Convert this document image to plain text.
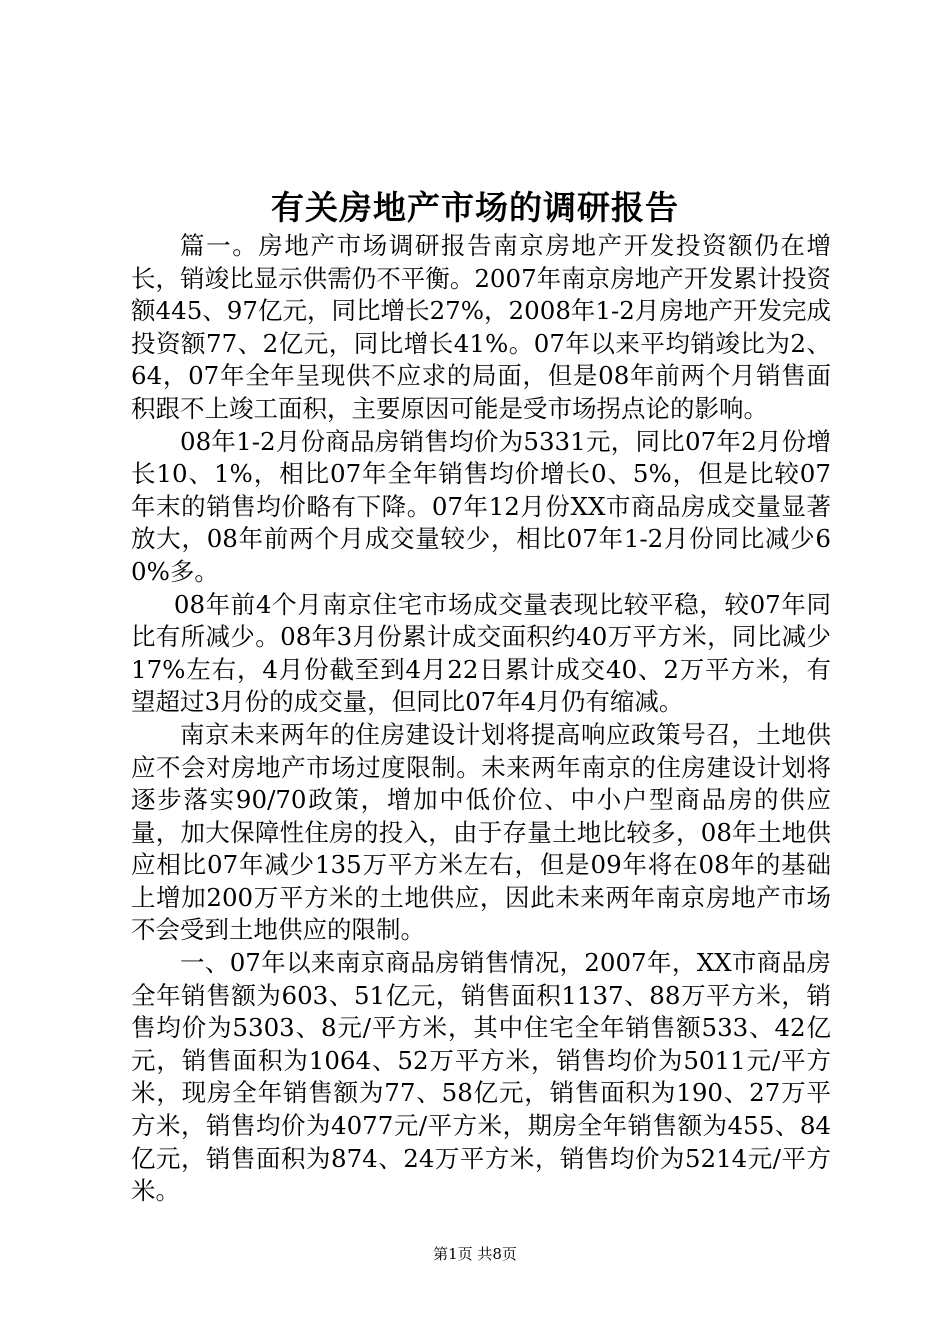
有关房地产市场的调研报告

篇一。房地产市场调研报告南京房地产开发投资额仍在增长，销竣比显示供需仍不平衡。2007年南京房地产开发累计投资额445、97亿元，同比增长27%，2008年1-2月房地产开发完成投资额77、2亿元，同比增长41%。07年以来平均销竣比为2、64，07年全年呈现供不应求的局面，但是08年前两个月销售面积跟不上竣工面积，主要原因可能是受市场拐点论的影响。

08年1-2月份商品房销售均价为5331元，同比07年2月份增长10、1%，相比07年全年销售均价增长0、5%，但是比较07年末的销售均价略有下降。07年12月份XX市商品房成交量显著放大，08年前两个月成交量较少，相比07年1-2月份同比减少60%多。

08年前4个月南京住宅市场成交量表现比较平稳，较07年同比有所减少。08年3月份累计成交面积约40万平方米，同比减少17%左右，4月份截至到4月22日累计成交40、2万平方米，有望超过3月份的成交量，但同比07年4月仍有缩减。

南京未来两年的住房建设计划将提高响应政策号召，土地供应不会对房地产市场过度限制。未来两年南京的住房建设计划将逐步落实90/70政策，增加中低价位、中小户型商品房的供应量，加大保障性住房的投入，由于存量土地比较多，08年土地供应相比07年减少135万平方米左右，但是09年将在08年的基础上增加200万平方米的土地供应，因此未来两年南京房地产市场不会受到土地供应的限制。

一、07年以来南京商品房销售情况，2007年，XX市商品房全年销售额为603、51亿元，销售面积1137、88万平方米，销售均价为5303、8元/平方米，其中住宅全年销售额533、42亿元，销售面积为1064、52万平方米，销售均价为5011元/平方米，现房全年销售额为77、58亿元，销售面积为190、27万平方米，销售均价为4077元/平方米，期房全年销售额为455、84亿元，销售面积为874、24万平方米，销售均价为5214元/平方米。

第1页 共8页
